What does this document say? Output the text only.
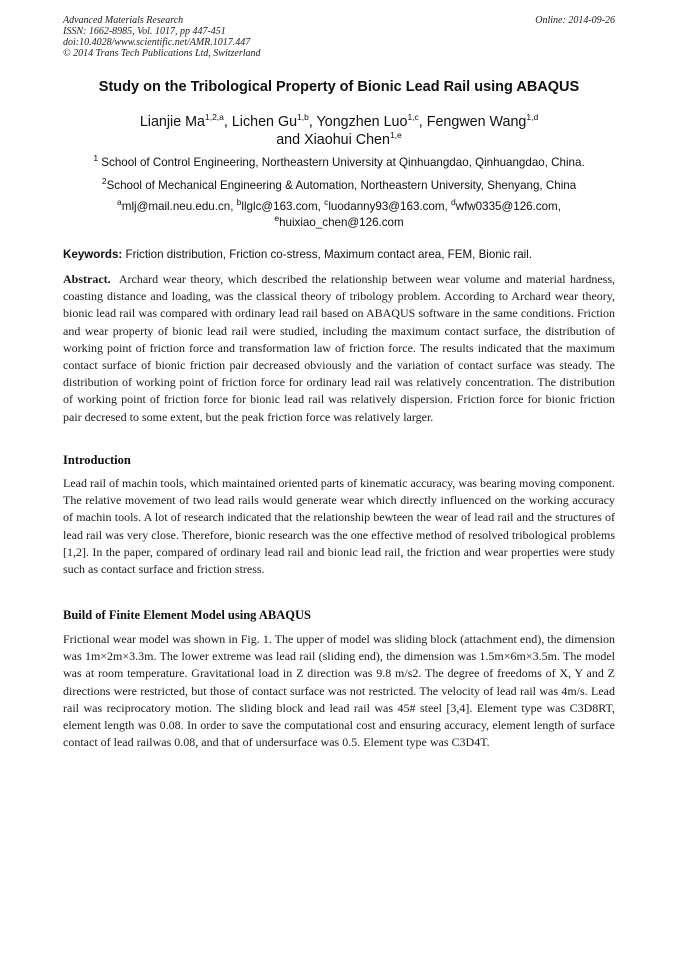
Advanced Materials Research
ISSN: 1662-8985, Vol. 1017, pp 447-451
doi:10.4028/www.scientific.net/AMR.1017.447
© 2014 Trans Tech Publications Ltd, Switzerland
Online: 2014-09-26
Study on the Tribological Property of Bionic Lead Rail using ABAQUS
Lianjie Ma$^{1,2,a}$, Lichen Gu$^{1,b}$, Yongzhen Luo$^{1,c}$, Fengwen Wang$^{1,d}$
and Xiaohui Chen$^{1,e}$
$^1$ School of Control Engineering, Northeastern University at Qinhuangdao, Qinhuangdao, China.
$^2$School of Mechanical Engineering & Automation, Northeastern University, Shenyang, China
$^a$mlj@mail.neu.edu.cn, $^b$llglc@163.com, $^c$luodanny93@163.com, $^d$wfw0335@126.com,
$^e$huixiao_chen@126.com
Keywords: Friction distribution, Friction co-stress, Maximum contact area, FEM, Bionic rail.
Abstract. Archard wear theory, which described the relationship between wear volume and material hardness, coasting distance and loading, was the classical theory of tribology problem. According to Archard wear theory, bionic lead rail was compared with ordinary lead rail based on ABAQUS software in the same conditions. Friction and wear property of bionic lead rail were studied, including the maximum contact surface, the distribution of working point of friction force and transformation law of friction force. The results indicated that the maximum contact surface of bionic friction pair decreased obviously and the variation of contact surface was steady. The distribution of working point of friction force for ordinary lead rail was relatively concentration. The distribution of working point of friction force for bionic lead rail was relatively dispersion. Friction force for bionic friction pair decresed to some extent, but the peak friction force was relatively larger.
Introduction
Lead rail of machin tools, which maintained oriented parts of kinematic accuracy, was bearing moving component. The relative movement of two lead rails would generate wear which directly influenced on the working accuracy of machin tools. A lot of research indicated that the relationship bewteen the wear of lead rail and the structures of lead rail was very close. Therefore, bionic research was the one effective method of resolved tribological problems [1,2]. In the paper, compared of ordinary lead rail and bionic lead rail, the friction and wear properties were study such as contact surface and friction stress.
Build of Finite Element Model using ABAQUS
Frictional wear model was shown in Fig. 1. The upper of model was sliding block (attachment end), the dimension was 1m×2m×3.3m. The lower extreme was lead rail (sliding end), the dimension was 1.5m×6m×3.5m. The model was at room temperature. Gravitational load in Z direction was 9.8 m/s2. The degree of freedoms of X, Y and Z directions were restricted, but those of contact surface was not restricted. The velocity of lead rail was 4m/s. Lead rail was reciprocatory motion. The sliding block and lead rail was 45# steel [3,4]. Element type was C3D8RT, element length was 0.08. In order to save the computational cost and ensuring accuracy, element length of surface contact of lead railwas 0.08, and that of undersurface was 0.5. Element type was C3D4T.
